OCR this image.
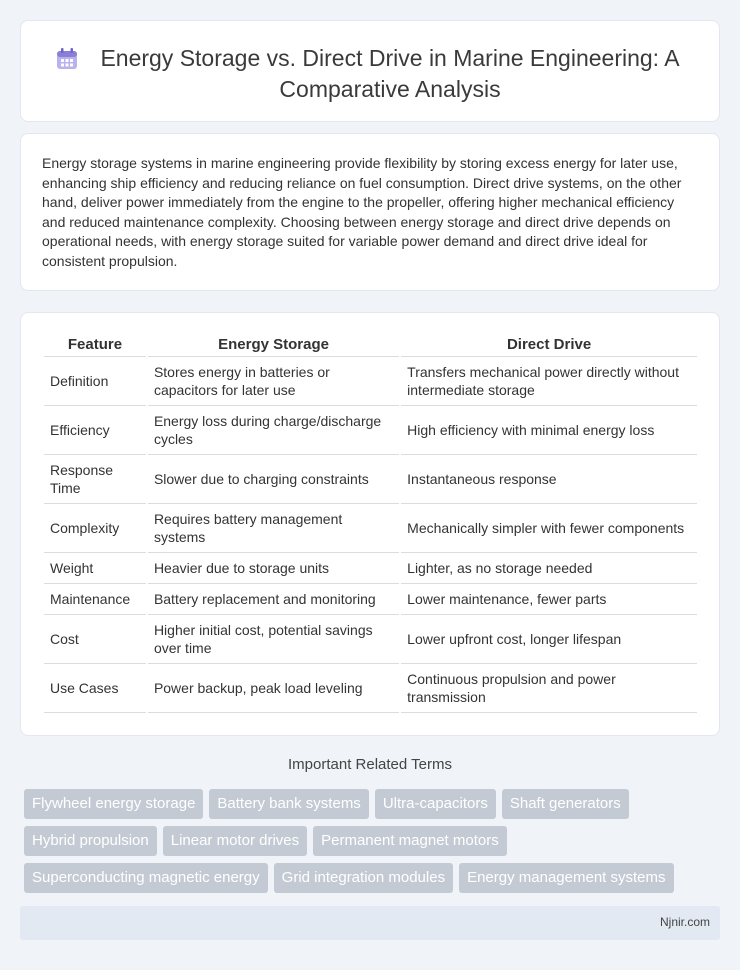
Energy Storage vs. Direct Drive in Marine Engineering: A Comparative Analysis

Energy storage systems in marine engineering provide flexibility by storing excess energy for later use, enhancing ship efficiency and reducing reliance on fuel consumption. Direct drive systems, on the other hand, deliver power immediately from the engine to the propeller, offering higher mechanical efficiency and reduced maintenance complexity. Choosing between energy storage and direct drive depends on operational needs, with energy storage suited for variable power demand and direct drive ideal for consistent propulsion.

Feature	Energy Storage	Direct Drive
Definition	Stores energy in batteries or capacitors for later use	Transfers mechanical power directly without intermediate storage
Efficiency	Energy loss during charge/discharge cycles	High efficiency with minimal energy loss
Response Time	Slower due to charging constraints	Instantaneous response
Complexity	Requires battery management systems	Mechanically simpler with fewer components
Weight	Heavier due to storage units	Lighter, as no storage needed
Maintenance	Battery replacement and monitoring	Lower maintenance, fewer parts
Cost	Higher initial cost, potential savings over time	Lower upfront cost, longer lifespan
Use Cases	Power backup, peak load leveling	Continuous propulsion and power transmission
Important Related Terms
Flywheel energy storage	Battery bank systems	Ultra-capacitors	Shaft generators
Hybrid propulsion	Linear motor drives	Permanent magnet motors
Superconducting magnetic energy	Grid integration modules	Energy management systems
Njnir.com
